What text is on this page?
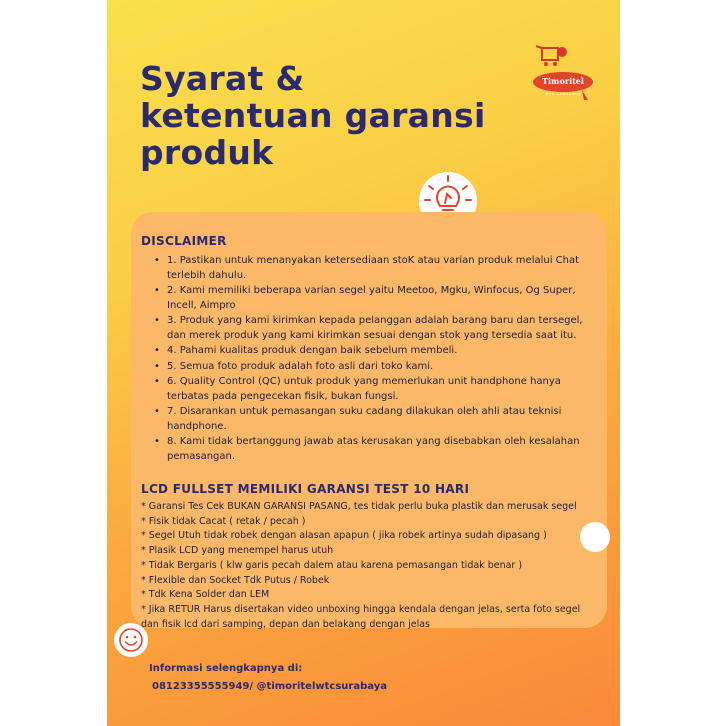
Syarat &
ketentuan garansi
produk
Timoritel
WTC SURABAYA
DISCLAIMER
• 1. Pastikan untuk menanyakan ketersediaan stoK atau varian produk melalui Chat terlebih dahulu.
• 2. Kami memiliki beberapa varian segel yaitu Meetoo, Mgku, Winfocus, Og Super, Incell, Aimpro
• 3. Produk yang kami kirimkan kepada pelanggan adalah barang baru dan tersegel, dan merek produk yang kami kirimkan sesuai dengan stok yang tersedia saat itu.
• 4. Pahami kualitas produk dengan baik sebelum membeli.
• 5. Semua foto produk adalah foto asli dari toko kami.
• 6. Quality Control (QC) untuk produk yang memerlukan unit handphone hanya terbatas pada pengecekan fisik, bukan fungsi.
• 7. Disarankan untuk pemasangan suku cadang dilakukan oleh ahli atau teknisi handphone.
• 8. Kami tidak bertanggung jawab atas kerusakan yang disebabkan oleh kesalahan pemasangan.
LCD FULLSET MEMILIKI GARANSI TEST 10 HARI
* Garansi Tes Cek BUKAN GARANSI PASANG, tes tidak perlu buka plastik dan merusak segel
* Fisik tidak Cacat ( retak / pecah )
* Segel Utuh tidak robek dengan alasan apapun ( jika robek artinya sudah dipasang )
* Plasik LCD yang menempel harus utuh
* Tidak Bergaris ( klw garis pecah dalem atau karena pemasangan tidak benar )
* Flexible dan Socket Tdk Putus / Robek
* Tdk Kena Solder dan LEM
* Jika RETUR Harus disertakan video unboxing hingga kendala dengan jelas, serta foto segel dan fisik lcd dari samping, depan dan belakang dengan jelas
Informasi selengkapnya di:
08123355555949/ @timoritelwtcsurabaya
